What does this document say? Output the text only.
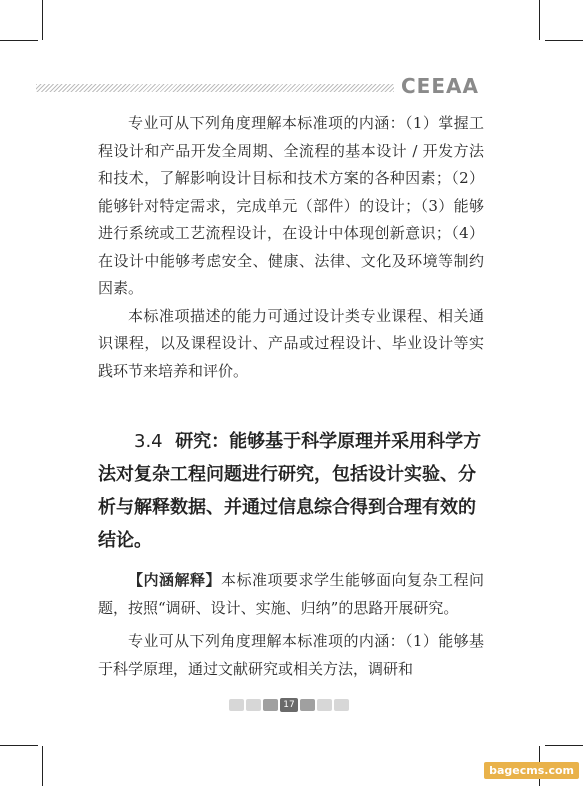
CEEAA

专业可从下列角度理解本标准项的内涵：（1）掌握工程设计和产品开发全周期、全流程的基本设计 / 开发方法和技术，了解影响设计目标和技术方案的各种因素；（2）能够针对特定需求，完成单元（部件）的设计；（3）能够进行系统或工艺流程设计，在设计中体现创新意识；（4）在设计中能够考虑安全、健康、法律、文化及环境等制约因素。

本标准项描述的能力可通过设计类专业课程、相关通识课程，以及课程设计、产品或过程设计、毕业设计等实践环节来培养和评价。

3.4 研究：能够基于科学原理并采用科学方法对复杂工程问题进行研究，包括设计实验、分析与解释数据、并通过信息综合得到合理有效的结论。

【内涵解释】本标准项要求学生能够面向复杂工程问题，按照“调研、设计、实施、归纳”的思路开展研究。

专业可从下列角度理解本标准项的内涵：（1）能够基于科学原理，通过文献研究或相关方法，调研和

17
bagecms.com
